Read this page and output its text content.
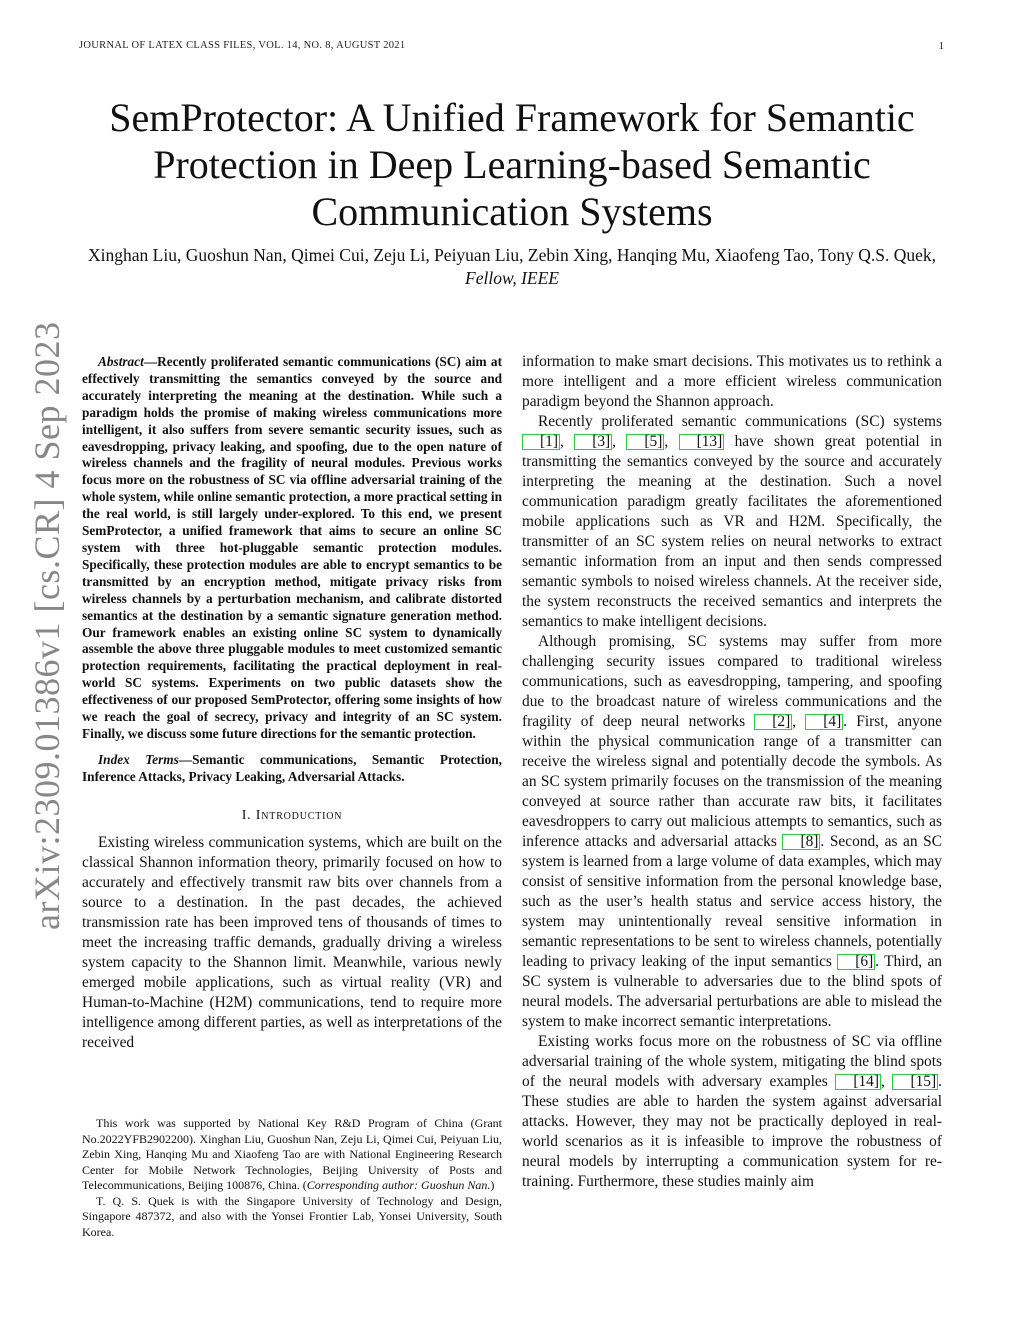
JOURNAL OF LATEX CLASS FILES, VOL. 14, NO. 8, AUGUST 2021	1
SemProtector: A Unified Framework for Semantic Protection in Deep Learning-based Semantic Communication Systems
Xinghan Liu, Guoshun Nan, Qimei Cui, Zeju Li, Peiyuan Liu, Zebin Xing, Hanqing Mu, Xiaofeng Tao, Tony Q.S. Quek, Fellow, IEEE
arXiv:2309.01386v1 [cs.CR] 4 Sep 2023	Abstract—Recently proliferated semantic communications (SC) aim at effectively transmitting the semantics conveyed by the source and accurately interpreting the meaning at the destination. While such a paradigm holds the promise of making wireless communications more intelligent, it also suffers from severe semantic security issues, such as eavesdropping, privacy leaking, and spoofing, due to the open nature of wireless channels and the fragility of neural modules. Previous works focus more on the robustness of SC via offline adversarial training of the whole system, while online semantic protection, a more practical setting in the real world, is still largely under-explored. To this end, we present SemProtector, a unified framework that aims to secure an online SC system with three hot-pluggable semantic protection modules. Specifically, these protection modules are able to encrypt semantics to be transmitted by an encryption method, mitigate privacy risks from wireless channels by a perturbation mechanism, and calibrate distorted semantics at the destination by a semantic signature generation method. Our framework enables an existing online SC system to dynamically assemble the above three pluggable modules to meet customized semantic protection requirements, facilitating the practical deployment in real-world SC systems. Experiments on two public datasets show the effectiveness of our proposed SemProtector, offering some insights of how we reach the goal of secrecy, privacy and integrity of an SC system. Finally, we discuss some future directions for the semantic protection.

Index Terms—Semantic communications, Semantic Protection, Inference Attacks, Privacy Leaking, Adversarial Attacks.

I. Introduction

Existing wireless communication systems, which are built on the classical Shannon information theory, primarily focused on how to accurately and effectively transmit raw bits over channels from a source to a destination. In the past decades, the achieved transmission rate has been improved tens of thousands of times to meet the increasing traffic demands, gradually driving a wireless system capacity to the Shannon limit. Meanwhile, various newly emerged mobile applications, such as virtual reality (VR) and Human-to-Machine (H2M) communications, tend to require more intelligence among different parties, as well as interpretations of the received

This work was supported by National Key R&D Program of China (Grant No.2022YFB2902200). Xinghan Liu, Guoshun Nan, Zeju Li, Qimei Cui, Peiyuan Liu, Zebin Xing, Hanqing Mu and Xiaofeng Tao are with National Engineering Research Center for Mobile Network Technologies, Beijing University of Posts and Telecommunications, Beijing 100876, China. (Corresponding author: Guoshun Nan.)

T. Q. S. Quek is with the Singapore University of Technology and Design, Singapore 487372, and also with the Yonsei Frontier Lab, Yonsei University, South Korea.

information to make smart decisions. This motivates us to rethink a more intelligent and a more efficient wireless communication paradigm beyond the Shannon approach.

Recently proliferated semantic communications (SC) systems [1] , [3] , [5] , [13] have shown great potential in transmitting the semantics conveyed by the source and accurately interpreting the meaning at the destination. Such a novel communication paradigm greatly facilitates the aforementioned mobile applications such as VR and H2M. Specifically, the transmitter of an SC system relies on neural networks to extract semantic information from an input and then sends compressed semantic symbols to noised wireless channels. At the receiver side, the system reconstructs the received semantics and interprets the semantics to make intelligent decisions.

Although promising, SC systems may suffer from more challenging security issues compared to traditional wireless communications, such as eavesdropping, tampering, and spoofing due to the broadcast nature of wireless communications and the fragility of deep neural networks [2] , [4] . First, anyone within the physical communication range of a transmitter can receive the wireless signal and potentially decode the symbols. As an SC system primarily focuses on the transmission of the meaning conveyed at source rather than accurate raw bits, it facilitates eavesdroppers to carry out malicious attempts to semantics, such as inference attacks and adversarial attacks [8] . Second, as an SC system is learned from a large volume of data examples, which may consist of sensitive information from the personal knowledge base, such as the user’s health status and service access history, the system may unintentionally reveal sensitive information in semantic representations to be sent to wireless channels, potentially leading to privacy leaking of the input semantics [6] . Third, an SC system is vulnerable to adversaries due to the blind spots of neural models. The adversarial perturbations are able to mislead the system to make incorrect semantic interpretations.

Existing works focus more on the robustness of SC via offline adversarial training of the whole system, mitigating the blind spots of the neural models with adversary examples [14] , [15] . These studies are able to harden the system against adversarial attacks. However, they may not be practically deployed in real-world scenarios as it is infeasible to improve the robustness of neural models by interrupting a communication system for re-training. Furthermore, these studies mainly aim
